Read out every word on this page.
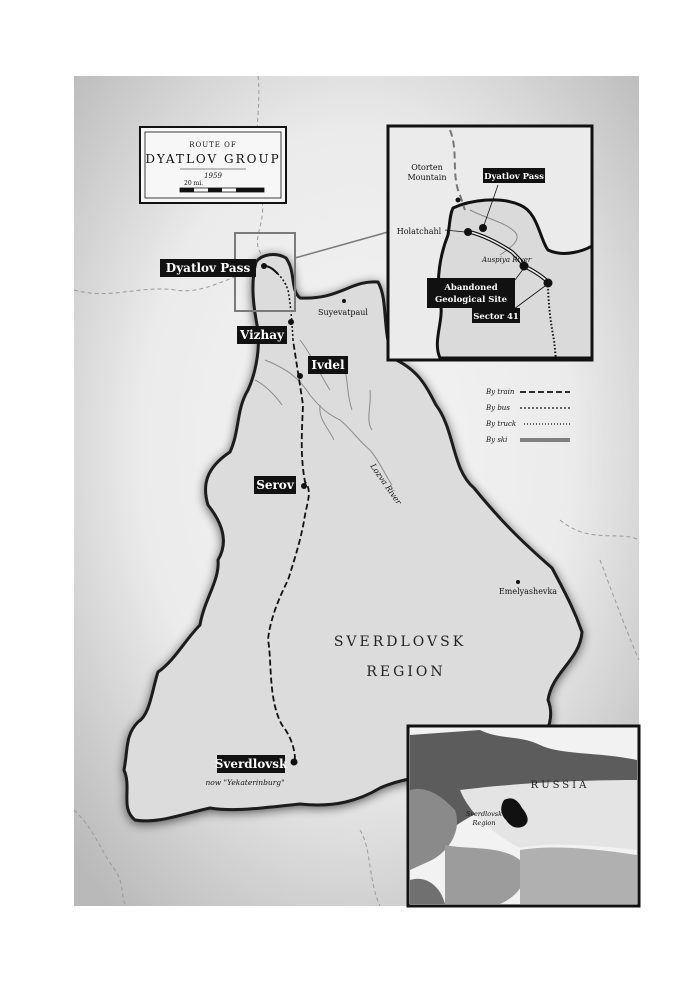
SVERDLOVSK
REGION
Dyatlov Pass
Vizhay
Ivdel
Serov
Sverdlovsk
now "Yekaterinburg"
Suyevatpaul
Emelyashevka
Lozva River
ROUTE OF
DYATLOV GROUP
1959
20 mi.
Otorten
Mountain	Dyatlov Pass
Holatchahl
Auspiya River
Abandoned
Geological Site
Sector 41
By train
By bus
By truck
By ski
RUSSIA
Sverdlovsk
Region
